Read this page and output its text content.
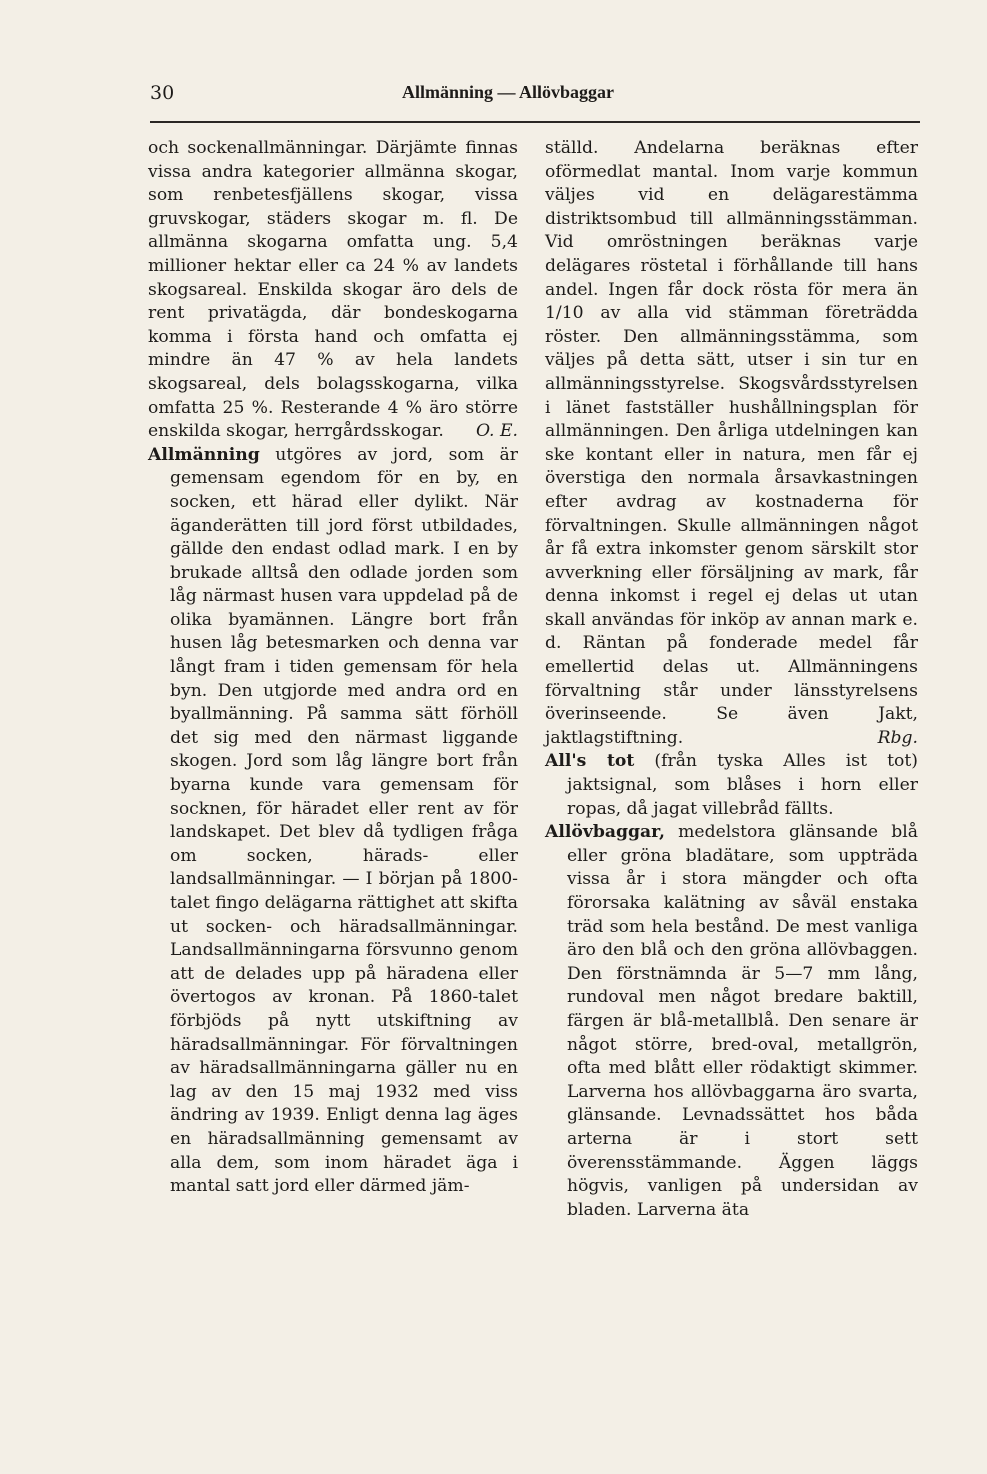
30	Allmänning — Allövbaggar

och sockenallmänningar. Därjämte finnas vissa andra kategorier allmänna skogar, som renbetesfjällens skogar, vissa gruvskogar, städers skogar m. fl. De allmänna skogarna omfatta ung. 5,4 millioner hektar eller ca 24 % av landets skogsareal. Enskilda skogar äro dels de rent privatägda, där bondeskogarna komma i första hand och omfatta ej mindre än 47 % av hela landets skogsareal, dels bolagsskogarna, vilka omfatta 25 %. Resterande 4 % äro större enskilda skogar, herrgårdsskogar. O. E.

Allmänning utgöres av jord, som är gemensam egendom för en by, en socken, ett härad eller dylikt. När äganderätten till jord först utbildades, gällde den endast odlad mark. I en by brukade alltså den odlade jorden som låg närmast husen vara uppdelad på de olika byamännen. Längre bort från husen låg betesmarken och denna var långt fram i tiden gemensam för hela byn. Den utgjorde med andra ord en byallmänning. På samma sätt förhöll det sig med den närmast liggande skogen. Jord som låg längre bort från byarna kunde vara gemensam för socknen, för häradet eller rent av för landskapet. Det blev då tydligen fråga om socken, härads- eller landsallmänningar. — I början på 1800-talet fingo delägarna rättighet att skifta ut socken- och häradsallmänningar. Landsallmänningarna försvunno genom att de delades upp på häradena eller övertogos av kronan. På 1860-talet förbjöds på nytt utskiftning av häradsallmänningar. För förvaltningen av häradsallmänningarna gäller nu en lag av den 15 maj 1932 med viss ändring av 1939. Enligt denna lag äges en häradsallmänning gemensamt av alla dem, som inom häradet äga i mantal satt jord eller därmed jäm-

ställd. Andelarna beräknas efter oförmedlat mantal. Inom varje kommun väljes vid en delägarestämma distriktsombud till allmänningsstämman. Vid omröstningen beräknas varje delägares röstetal i förhållande till hans andel. Ingen får dock rösta för mera än 1/10 av alla vid stämman företrädda röster. Den allmänningsstämma, som väljes på detta sätt, utser i sin tur en allmänningsstyrelse. Skogsvårdsstyrelsen i länet fastställer hushållningsplan för allmänningen. Den årliga utdelningen kan ske kontant eller in natura, men får ej överstiga den normala årsavkastningen efter avdrag av kostnaderna för förvaltningen. Skulle allmänningen något år få extra inkomster genom särskilt stor avverkning eller försäljning av mark, får denna inkomst i regel ej delas ut utan skall användas för inköp av annan mark e. d. Räntan på fonderade medel får emellertid delas ut. Allmänningens förvaltning står under länsstyrelsens överinseende. Se även Jakt, jaktlagstiftning.	Rbg.

All's tot (från tyska Alles ist tot) jaktsignal, som blåses i horn eller ropas, då jagat villebråd fällts.

Allövbaggar, medelstora glänsande blå eller gröna bladätare, som uppträda vissa år i stora mängder och ofta förorsaka kalätning av såväl enstaka träd som hela bestånd. De mest vanliga äro den blå och den gröna allövbaggen. Den förstnämnda är 5—7 mm lång, rundoval men något bredare baktill, färgen är blå-metallblå. Den senare är något större, bred-oval, metallgrön, ofta med blått eller rödaktigt skimmer. Larverna hos allövbaggarna äro svarta, glänsande. Levnadssättet hos båda arterna är i stort sett överensstämmande. Äggen läggs högvis, vanligen på undersidan av bladen. Larverna äta
